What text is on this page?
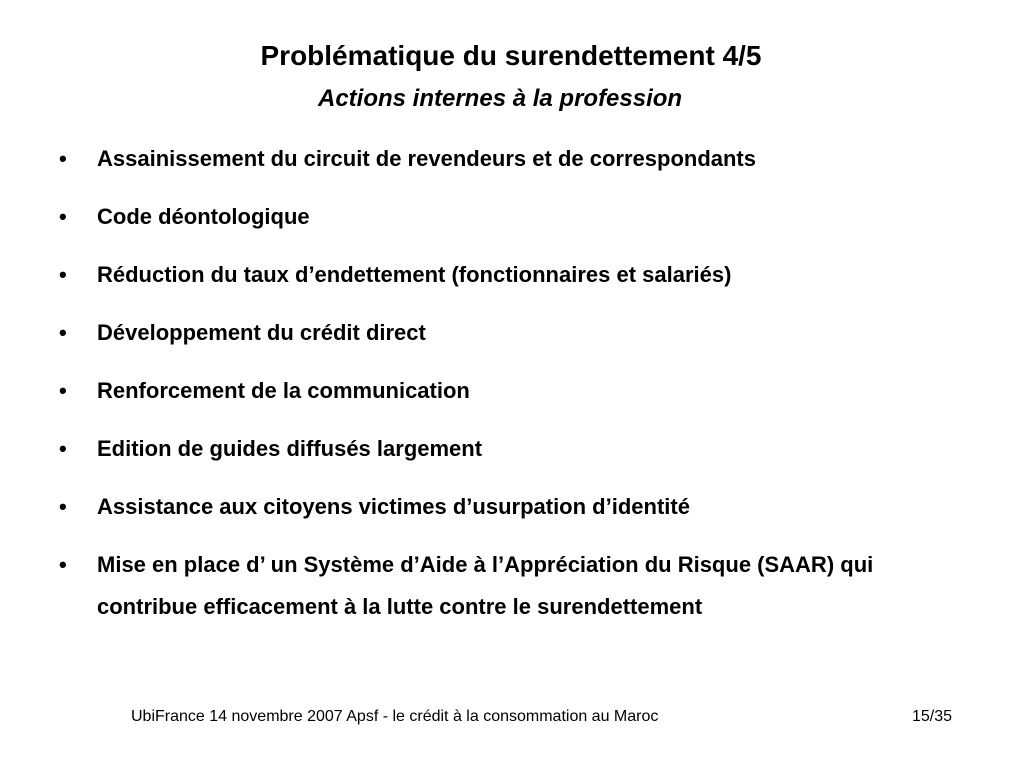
Problématique du surendettement 4/5
Actions internes à la profession
• Assainissement du circuit de revendeurs et de correspondants
• Code déontologique
• Réduction du taux d’endettement (fonctionnaires et salariés)
• Développement du crédit direct
• Renforcement de la communication
• Edition de guides diffusés largement
• Assistance aux citoyens victimes d’usurpation d’identité
• Mise en place d’ un Système d’Aide à l’Appréciation du Risque (SAAR) qui contribue efficacement à la lutte contre le surendettement
UbiFrance 14 novembre 2007 Apsf - le crédit à la consommation au Maroc	15/35
